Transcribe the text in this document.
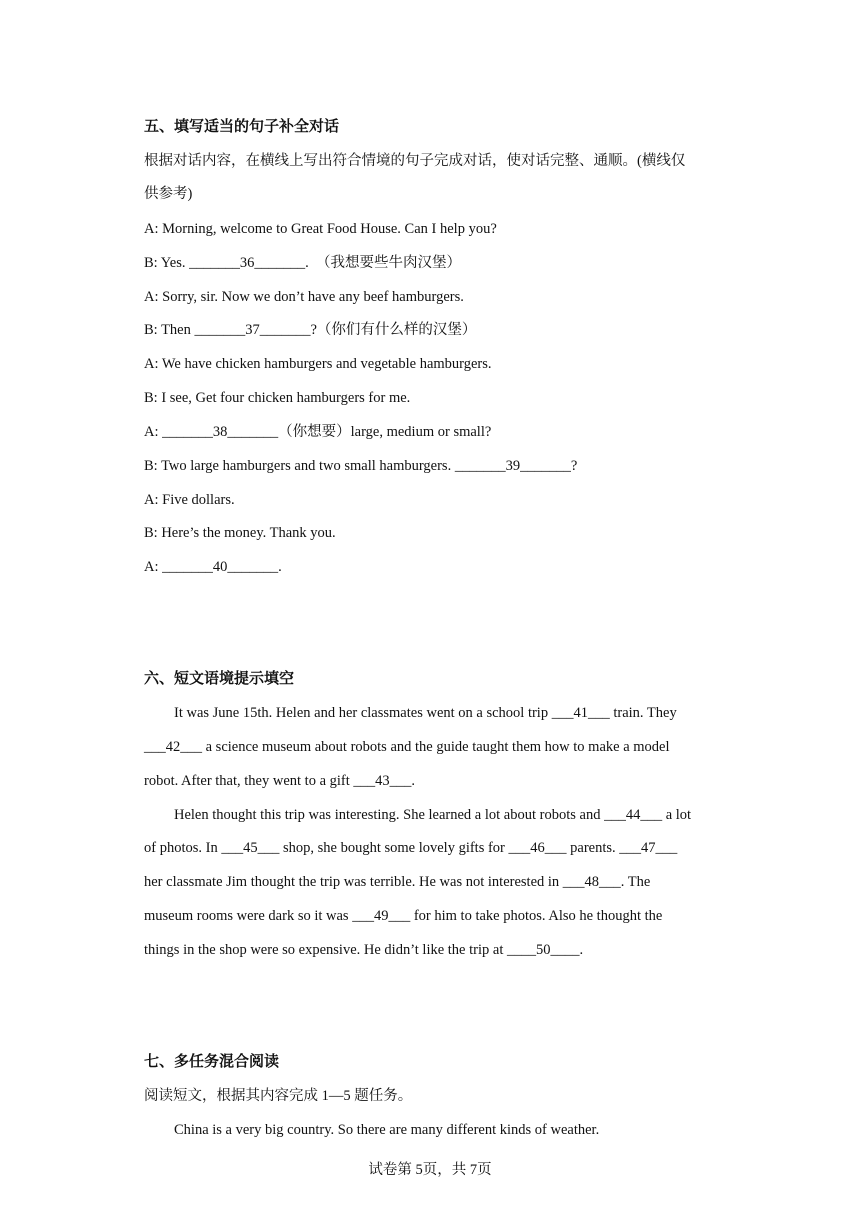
五、填写适当的句子补全对话
根据对话内容，在横线上写出符合情境的句子完成对话，使对话完整、通顺。(横线仅
供参考)
A: Morning, welcome to Great Food House. Can I help you?
B: Yes. _______36_______.　（我想要些牛肉汉堡）
A: Sorry, sir. Now we don’t have any beef hamburgers.
B: Then _______37_______?（你们有什么样的汉堡）
A: We have chicken hamburgers and vegetable hamburgers.
B: I see, Get four chicken hamburgers for me.
A: _______38_______（你想要）large, medium or small?
B: Two large hamburgers and two small hamburgers. _______39_______?
A: Five dollars.
B: Here’s the money. Thank you.
A: _______40_______.
六、短文语境提示填空
It was June 15th. Helen and her classmates went on a school trip ___41___ train. They
___42___ a science museum about robots and the guide taught them how to make a model
robot. After that, they went to a gift ___43___.
Helen thought this trip was interesting. She learned a lot about robots and ___44___ a lot
of photos. In ___45___ shop, she bought some lovely gifts for ___46___ parents. ___47___
her classmate Jim thought the trip was terrible. He was not interested in ___48___. The
museum rooms were dark so it was ___49___ for him to take photos. Also he thought the
things in the shop were so expensive. He didn’t like the trip at ____50____.
七、多任务混合阅读
阅读短文，根据其内容完成 1—5 题任务。
China is a very big country. So there are many different kinds of weather.
试卷第 5页，共 7页
